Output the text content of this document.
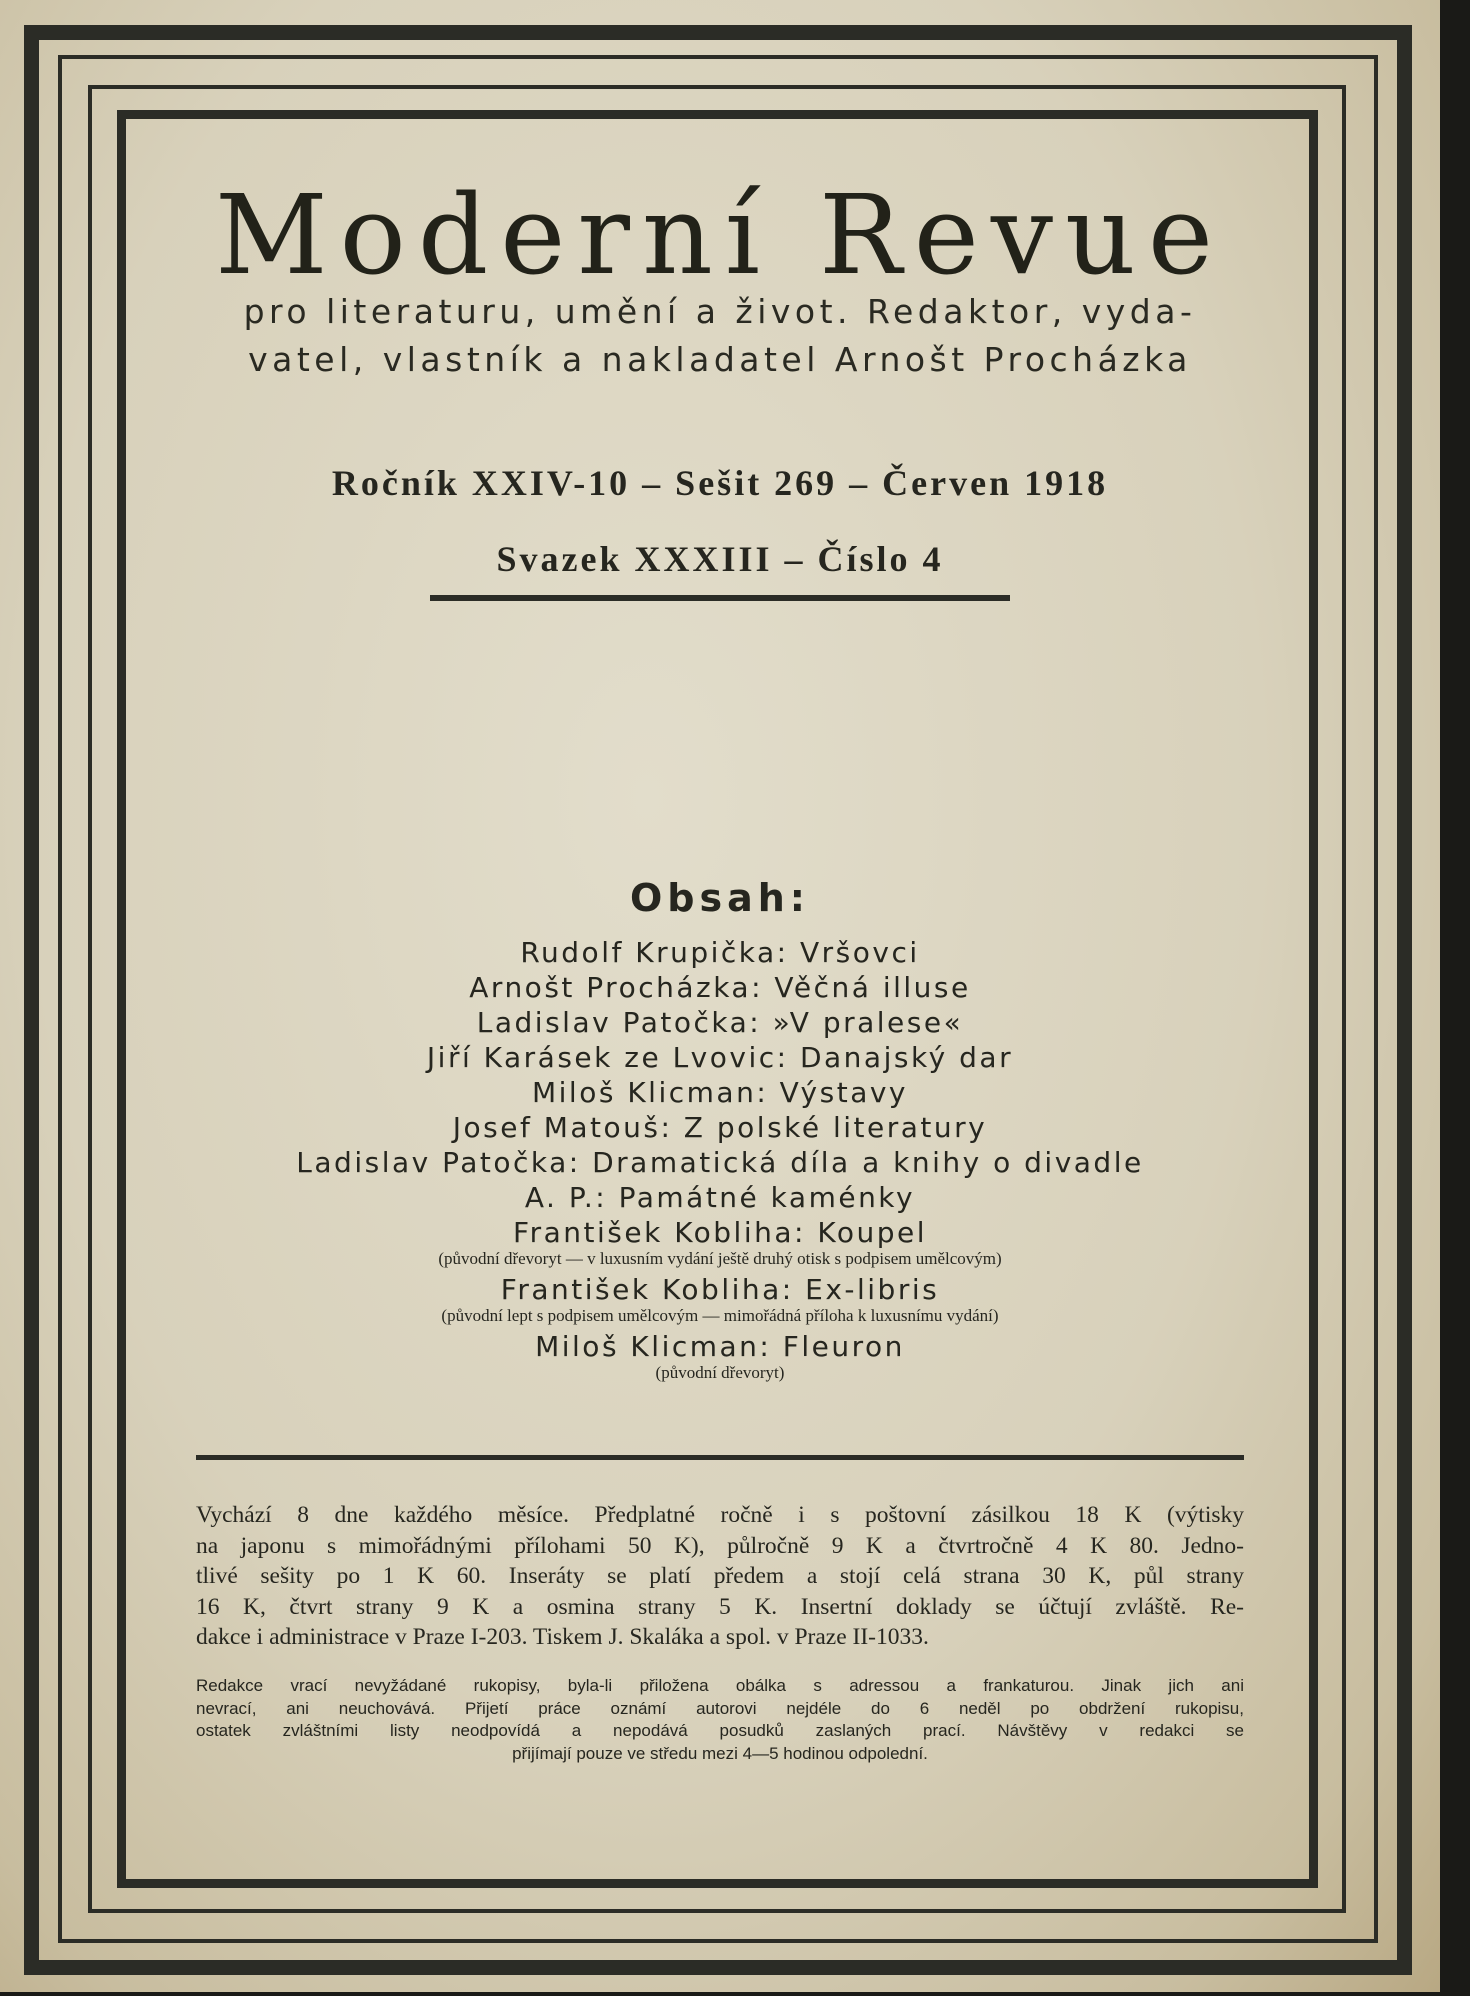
Moderní Revue
pro literaturu, umění a život. Redaktor, vyda-
vatel, vlastník a nakladatel Arnošt Procházka
Ročník XXIV-10 – Sešit 269 – Červen 1918
Svazek XXXIII – Číslo 4
Obsah:
Rudolf Krupička: Vršovci
Arnošt Procházka: Věčná illuse
Ladislav Patočka: »V pralese«
Jiří Karásek ze Lvovic: Danajský dar
Miloš Klicman: Výstavy
Josef Matouš: Z polské literatury
Ladislav Patočka: Dramatická díla a knihy o divadle
A. P.: Památné kaménky
František Kobliha: Koupel
(původní dřevoryt — v luxusním vydání ještě druhý otisk s podpisem umělcovým)
František Kobliha: Ex-libris
(původní lept s podpisem umělcovým — mimořádná příloha k luxusnímu vydání)
Miloš Klicman: Fleuron
(původní dřevoryt)
Vychází 8 dne každého měsíce. Předplatné ročně i s poštovní zásilkou 18 K (výtisky
na japonu s mimořádnými přílohami 50 K), půlročně 9 K a čtvrtročně 4 K 80. Jedno-
tlivé sešity po 1 K 60. Inseráty se platí předem a stojí celá strana 30 K, půl strany
16 K, čtvrt strany 9 K a osmina strany 5 K. Insertní doklady se účtují zvláště. Re-
dakce i administrace v Praze I-203. Tiskem J. Skaláka a spol. v Praze II-1033.
Redakce vrací nevyžádané rukopisy, byla-li přiložena obálka s adressou a frankaturou. Jinak jich ani
nevrací, ani neuchovává. Přijetí práce oznámí autorovi nejdéle do 6 neděl po obdržení rukopisu,
ostatek zvláštními listy neodpovídá a nepodává posudků zaslaných prací. Návštěvy v redakci se
přijímají pouze ve středu mezi 4—5 hodinou odpolední.
